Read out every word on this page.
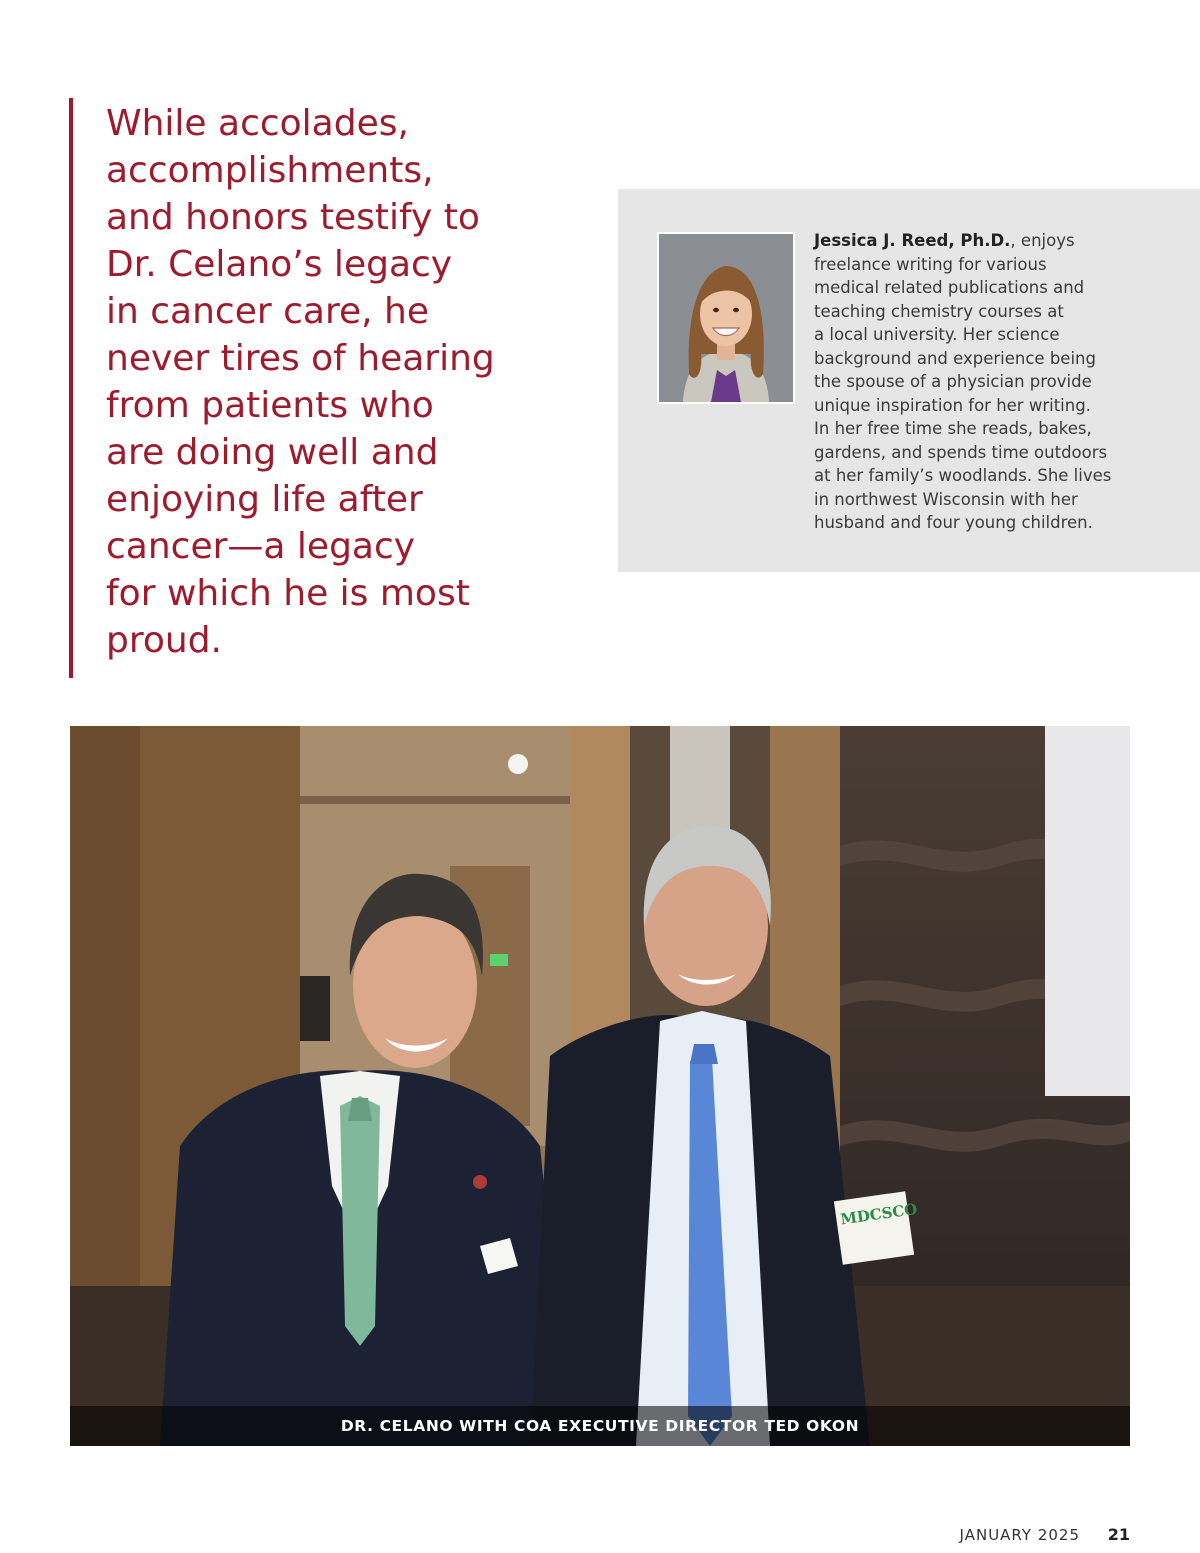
While accolades,
accomplishments,
and honors testify to
Dr. Celano’s legacy
in cancer care, he
never tires of hearing
from patients who
are doing well and
enjoying life after
cancer—a legacy
for which he is most
proud.
Jessica J. Reed, Ph.D., enjoys
freelance writing for various
medical related publications and
teaching chemistry courses at
a local university. Her science
background and experience being
the spouse of a physician provide
unique inspiration for her writing.
In her free time she reads, bakes,
gardens, and spends time outdoors
at her family’s woodlands. She lives
in northwest Wisconsin with her
husband and four young children.
MDCSCO
DR. CELANO WITH COA EXECUTIVE DIRECTOR TED OKON
JANUARY 2025 21
